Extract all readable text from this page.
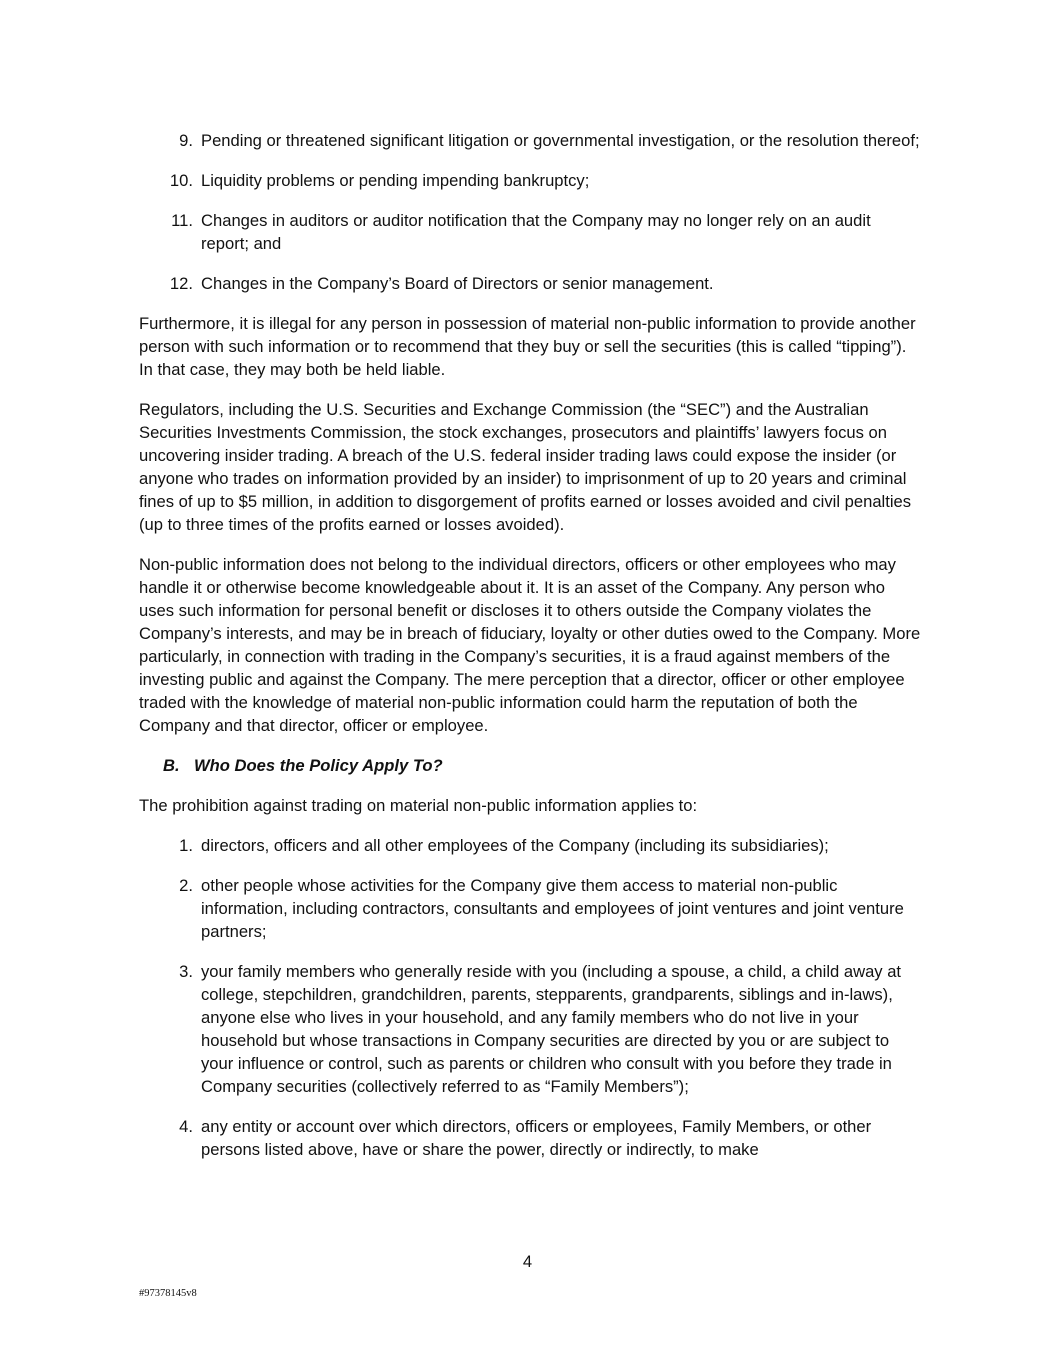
9. Pending or threatened significant litigation or governmental investigation, or the resolution thereof;
10. Liquidity problems or pending impending bankruptcy;
11. Changes in auditors or auditor notification that the Company may no longer rely on an audit report; and
12. Changes in the Company’s Board of Directors or senior management.

Furthermore, it is illegal for any person in possession of material non-public information to provide another person with such information or to recommend that they buy or sell the securities (this is called “tipping”). In that case, they may both be held liable.

Regulators, including the U.S. Securities and Exchange Commission (the “SEC”) and the Australian Securities Investments Commission, the stock exchanges, prosecutors and plaintiffs’ lawyers focus on uncovering insider trading. A breach of the U.S. federal insider trading laws could expose the insider (or anyone who trades on information provided by an insider) to imprisonment of up to 20 years and criminal fines of up to $5 million, in addition to disgorgement of profits earned or losses avoided and civil penalties (up to three times of the profits earned or losses avoided).

Non-public information does not belong to the individual directors, officers or other employees who may handle it or otherwise become knowledgeable about it. It is an asset of the Company. Any person who uses such information for personal benefit or discloses it to others outside the Company violates the Company’s interests, and may be in breach of fiduciary, loyalty or other duties owed to the Company. More particularly, in connection with trading in the Company’s securities, it is a fraud against members of the investing public and against the Company. The mere perception that a director, officer or other employee traded with the knowledge of material non-public information could harm the reputation of both the Company and that director, officer or employee.

B. Who Does the Policy Apply To?

The prohibition against trading on material non-public information applies to:

1. directors, officers and all other employees of the Company (including its subsidiaries);
2. other people whose activities for the Company give them access to material non-public information, including contractors, consultants and employees of joint ventures and joint venture partners;
3. your family members who generally reside with you (including a spouse, a child, a child away at college, stepchildren, grandchildren, parents, stepparents, grandparents, siblings and in-laws), anyone else who lives in your household, and any family members who do not live in your household but whose transactions in Company securities are directed by you or are subject to your influence or control, such as parents or children who consult with you before they trade in Company securities (collectively referred to as “Family Members”);
4. any entity or account over which directors, officers or employees, Family Members, or other persons listed above, have or share the power, directly or indirectly, to make
4
#97378145v8
